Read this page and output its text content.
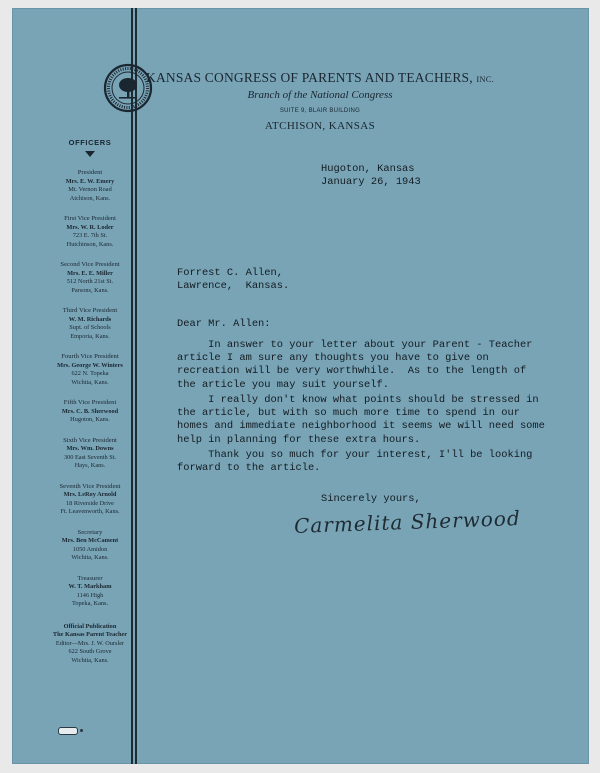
KANSAS CONGRESS OF PARENTS AND TEACHERS, INC.
Branch of the National Congress
SUITE 9, BLAIR BUILDING
ATCHISON, KANSAS
OFFICERS
President
Mrs. E. W. Emery
Mt. Vernon Road
Atchison, Kans.
First Vice President
Mrs. W. R. Loder
723 E. 7th St.
Hutchinson, Kans.
Second Vice President
Mrs. E. E. Miller
512 North 21st St.
Parsons, Kans.
Third Vice President
W. M. Richards
Supt. of Schools
Emporia, Kans.
Fourth Vice President
Mrs. George W. Winters
622 N. Topeka
Wichita, Kans.
Fifth Vice President
Mrs. C. B. Sherwood
Hugoton, Kans.
Sixth Vice President
Mrs. Wm. Downs
300 East Seventh St.
Hays, Kans.
Seventh Vice President
Mrs. LeRoy Arnold
18 Riverside Drive
Ft. Leavenworth, Kans.
Secretary
Mrs. Ben McCament
1050 Amidon
Wichita, Kans.
Treasurer
W. T. Markham
1146 High
Topeka, Kans.
Official Publication
The Kansas Parent Teacher
Editor—Mrs. J. W. Oursler
622 South Grove
Wichita, Kans.
Hugoton, Kansas
January 26, 1943
Forrest C. Allen,
Lawrence,  Kansas.
Dear Mr. Allen:
In answer to your letter about your Parent - Teacher
article I am sure any thoughts you have to give on
recreation will be very worthwhile.  As to the length of
the article you may suit yourself.
I really don't know what points should be stressed in
the article, but with so much more time to spend in our
homes and immediate neighborhood it seems we will need some
help in planning for these extra hours.
Thank you so much for your interest, I'll be looking
forward to the article.
Sincerely yours,
Carmelita Sherwood
